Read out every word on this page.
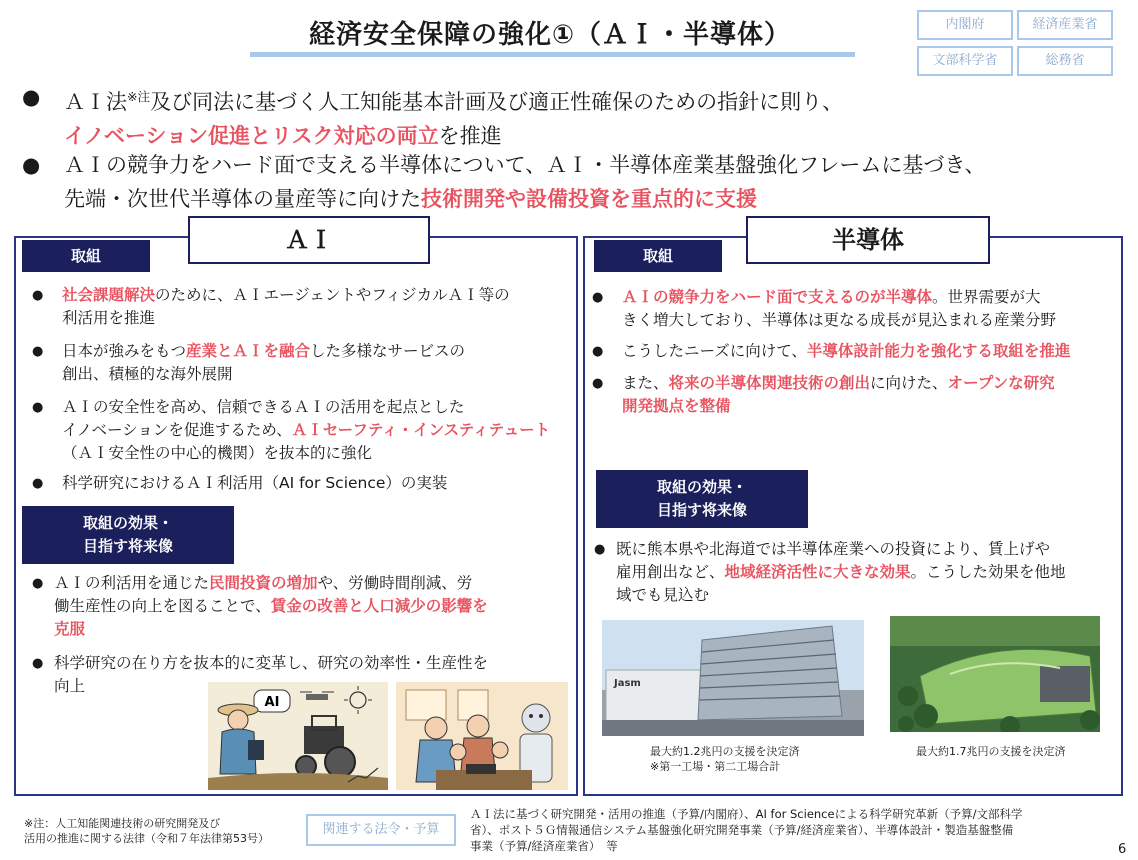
経済安全保障の強化①（ＡＩ・半導体）	内閣府	経済産業省
文部科学省	総務省
● ＡＩ法$^{※注}$及び同法に基づく人工知能基本計画及び適正性確保のための指針に則り、
イノベーション促進とリスク対応の両立を推進
● ＡＩの競争力をハード面で支える半導体について、ＡＩ・半導体産業基盤強化フレームに基づき、
先端・次世代半導体の量産等に向けた技術開発や設備投資を重点的に支援
ＡＩ
取組
● 社会課題解決のために、ＡＩエージェントやフィジカルＡＩ等の
利活用を推進
● 日本が強みをもつ産業とＡＩを融合した多様なサービスの
創出、積極的な海外展開
● ＡＩの安全性を高め、信頼できるＡＩの活用を起点とした
イノベーションを促進するため、ＡＩセーフティ・インスティテュート
（ＡＩ安全性の中心的機関）を抜本的に強化
● 科学研究におけるＡＩ利活用（AI for Science）の実装
取組の効果・
目指す将来像
● ＡＩの利活用を通じた民間投資の増加や、労働時間削減、労
働生産性の向上を図ることで、賃金の改善と人口減少の影響を
克服
● 科学研究の在り方を抜本的に変革し、研究の効率性・生産性を
向上
AI
半導体
取組
● ＡＩの競争力をハード面で支えるのが半導体。世界需要が大
きく増大しており、半導体は更なる成長が見込まれる産業分野
● こうしたニーズに向けて、半導体設計能力を強化する取組を推進
● また、将来の半導体関連技術の創出に向けた、オープンな研究
開発拠点を整備
取組の効果・
目指す将来像
● 既に熊本県や北海道では半導体産業への投資により、賃上げや
雇用創出など、地域経済活性に大きな効果。こうした効果を他地
域でも見込む
Jasm
最大約1.2兆円の支援を決定済
※第一工場・第二工場合計
最大約1.7兆円の支援を決定済
※注：人工知能関連技術の研究開発及び
活用の推進に関する法律（令和７年法律第53号）
関連する法令・予算
ＡＩ法に基づく研究開発・活用の推進（予算/内閣府）、AI for Scienceによる科学研究革新（予算/文部科学
省）、ポスト５Ｇ情報通信システム基盤強化研究開発事業（予算/経済産業省）、半導体設計・製造基盤整備
事業（予算/経済産業省）　等	6
